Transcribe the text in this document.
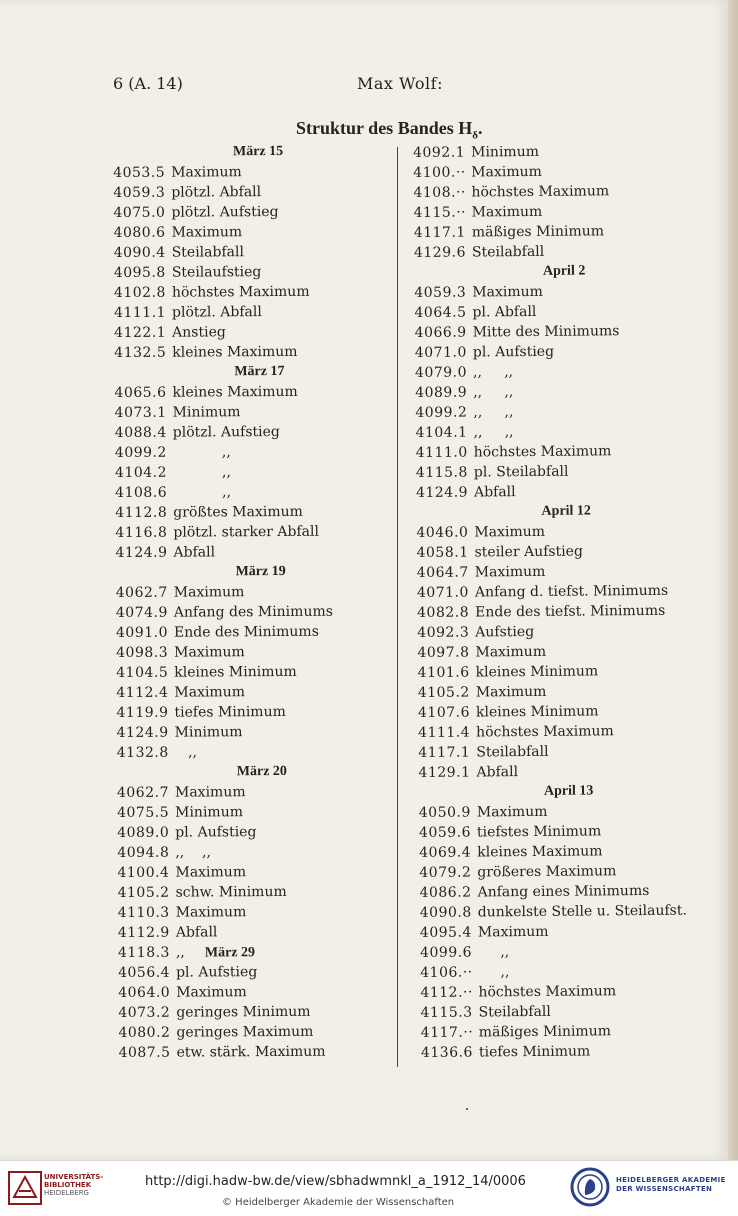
6 (A. 14)	Max Wolf:
Struktur des Bandes $H_\delta$.
März 15
4053.5 Maximum
4059.3 plötzl. Abfall
4075.0 plötzl. Aufstieg
4080.6 Maximum
4090.4 Steilabfall
4095.8 Steilaufstieg
4102.8 höchstes Maximum
4111.1 plötzl. Abfall
4122.1 Anstieg
4132.5 kleines Maximum
März 17
4065.6 kleines Maximum
4073.1 Minimum
4088.4 plötzl. Aufstieg
4099.2           ,,
4104.2           ,,
4108.6           ,,
4112.8 größtes Maximum
4116.8 plötzl. starker Abfall
4124.9 Abfall
März 19
4062.7 Maximum
4074.9 Anfang des Minimums
4091.0 Ende des Minimums
4098.3 Maximum
4104.5 kleines Minimum
4112.4 Maximum
4119.9 tiefes Minimum
4124.9 Minimum
4132.8   ,,
März 20
4062.7 Maximum
4075.5 Minimum
4089.0 pl. Aufstieg
4094.8 ,,    ,,
4100.4 Maximum
4105.2 schw. Minimum
4110.3 Maximum
4112.9 Abfall
4118.3 ,, März 29
4056.4 pl. Aufstieg
4064.0 Maximum
4073.2 geringes Minimum
4080.2 geringes Maximum
4087.5 etw. stärk. Maximum
4092.1 Minimum
4100.·· Maximum
4108.·· höchstes Maximum
4115.·· Maximum
4117.1 mäßiges Minimum
4129.6 Steilabfall
April 2
4059.3 Maximum
4064.5 pl. Abfall
4066.9 Mitte des Minimums
4071.0 pl. Aufstieg
4079.0 ,,     ,,
4089.9 ,,     ,,
4099.2 ,,     ,,
4104.1 ,,     ,,
4111.0 höchstes Maximum
4115.8 pl. Steilabfall
4124.9 Abfall
April 12
4046.0 Maximum
4058.1 steiler Aufstieg
4064.7 Maximum
4071.0 Anfang d. tiefst. Minimums
4082.8 Ende des tiefst. Minimums
4092.3 Aufstieg
4097.8 Maximum
4101.6 kleines Minimum
4105.2 Maximum
4107.6 kleines Minimum
4111.4 höchstes Maximum
4117.1 Steilabfall
4129.1 Abfall
April 13
4050.9 Maximum
4059.6 tiefstes Minimum
4069.4 kleines Maximum
4079.2 größeres Maximum
4086.2 Anfang eines Minimums
4090.8 dunkelste Stelle u. Steilaufst.
4095.4 Maximum
4099.6     ,,
4106.··     ,,
4112.·· höchstes Maximum
4115.3 Steilabfall
4117.·· mäßiges Minimum
4136.6 tiefes Minimum
UNIVERSITÄTS-
BIBLIOTHEK
HEIDELBERG
http://digi.hadw-bw.de/view/sbhadwmnkl_a_1912_14/0006
© Heidelberger Akademie der Wissenschaften
HEIDELBERGER AKADEMIE
DER WISSENSCHAFTEN
